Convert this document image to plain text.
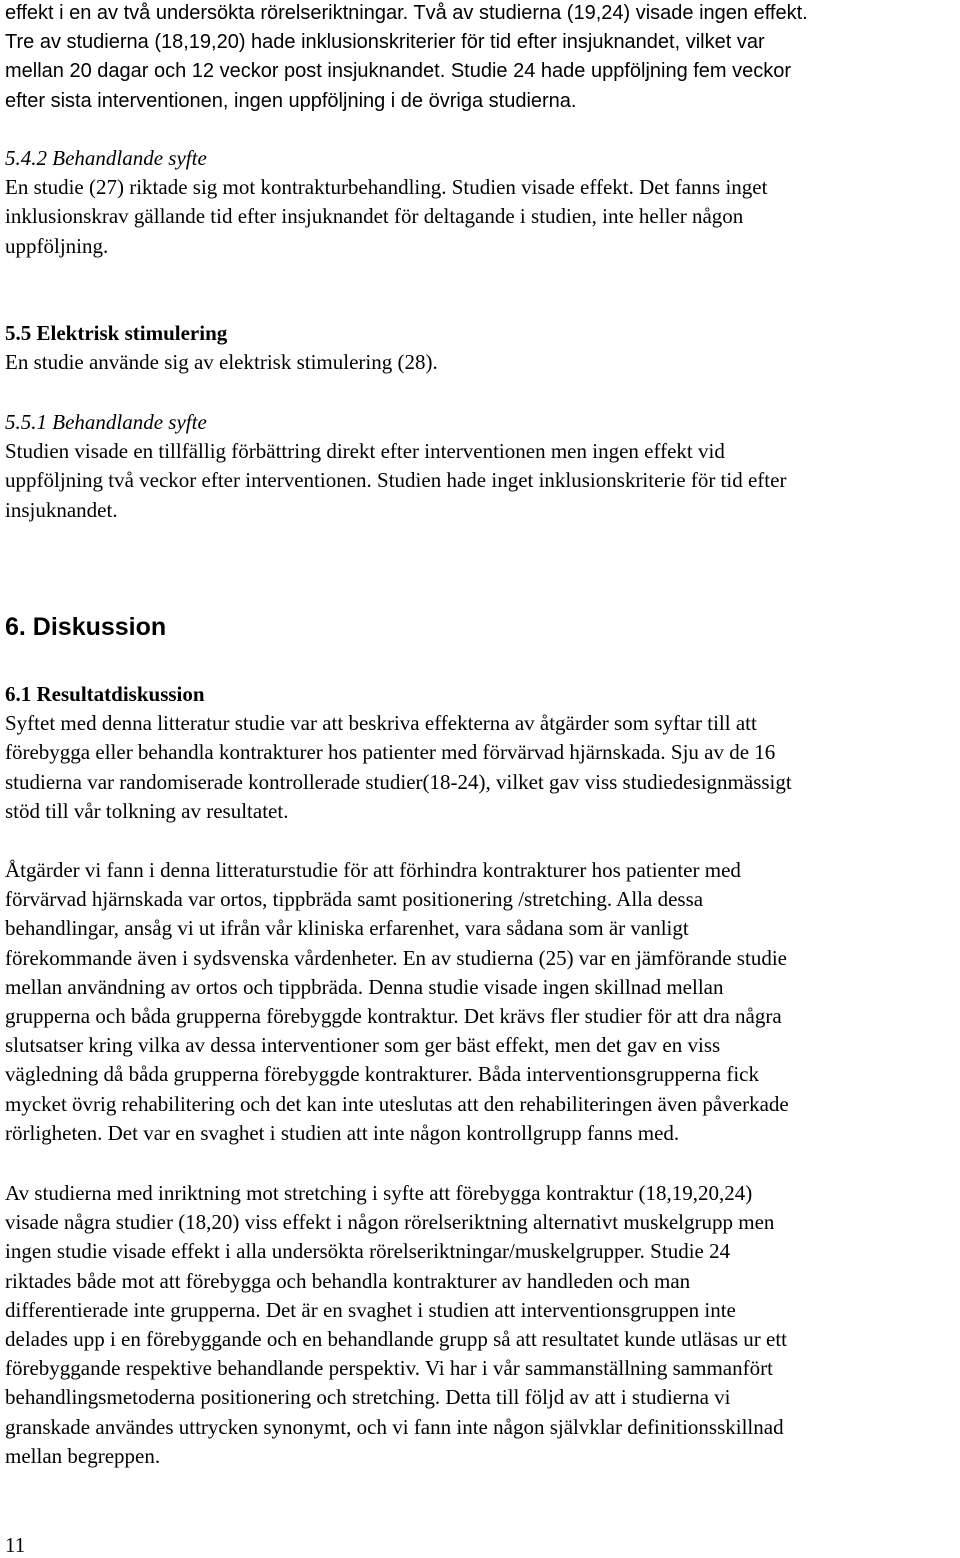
effekt i en av två undersökta rörelseriktningar. Två av studierna (19,24) visade ingen effekt.
Tre av studierna (18,19,20) hade inklusionskriterier för tid efter insjuknandet, vilket var
mellan 20 dagar och 12 veckor post insjuknandet. Studie 24 hade uppföljning fem veckor
efter sista interventionen, ingen uppföljning i de övriga studierna.
5.4.2 Behandlande syfte
En studie (27) riktade sig mot kontrakturbehandling. Studien visade effekt. Det fanns inget
inklusionskrav gällande tid efter insjuknandet för deltagande i studien, inte heller någon
uppföljning.
5.5 Elektrisk stimulering
En studie använde sig av elektrisk stimulering (28).
5.5.1 Behandlande syfte
Studien visade en tillfällig förbättring direkt efter interventionen men ingen effekt vid
uppföljning två veckor efter interventionen. Studien hade inget inklusionskriterie för tid efter
insjuknandet.
6. Diskussion
6.1 Resultatdiskussion
Syftet med denna litteratur studie var att beskriva effekterna av åtgärder som syftar till att
förebygga eller behandla kontrakturer hos patienter med förvärvad hjärnskada. Sju av de 16
studierna var randomiserade kontrollerade studier(18-24), vilket gav viss studiedesignmässigt
stöd till vår tolkning av resultatet.
Åtgärder vi fann i denna litteraturstudie för att förhindra kontrakturer hos patienter med
förvärvad hjärnskada var ortos, tippbräda samt positionering /stretching. Alla dessa
behandlingar, ansåg vi ut ifrån vår kliniska erfarenhet, vara sådana som är vanligt
förekommande även i sydsvenska vårdenheter. En av studierna (25) var en jämförande studie
mellan användning av ortos och tippbräda. Denna studie visade ingen skillnad mellan
grupperna och båda grupperna förebyggde kontraktur. Det krävs fler studier för att dra några
slutsatser kring vilka av dessa interventioner som ger bäst effekt, men det gav en viss
vägledning då båda grupperna förebyggde kontrakturer. Båda interventionsgrupperna fick
mycket övrig rehabilitering och det kan inte uteslutas att den rehabiliteringen även påverkade
rörligheten. Det var en svaghet i studien att inte någon kontrollgrupp fanns med.
Av studierna med inriktning mot stretching i syfte att förebygga kontraktur (18,19,20,24)
visade några studier (18,20) viss effekt i någon rörelseriktning alternativt muskelgrupp men
ingen studie visade effekt i alla undersökta rörelseriktningar/muskelgrupper. Studie 24
riktades både mot att förebygga och behandla kontrakturer av handleden och man
differentierade inte grupperna. Det är en svaghet i studien att interventionsgruppen inte
delades upp i en förebyggande och en behandlande grupp så att resultatet kunde utläsas ur ett
förebyggande respektive behandlande perspektiv. Vi har i vår sammanställning sammanfört
behandlingsmetoderna positionering och stretching. Detta till följd av att i studierna vi
granskade användes uttrycken synonymt, och vi fann inte någon självklar definitionsskillnad
mellan begreppen.
11
